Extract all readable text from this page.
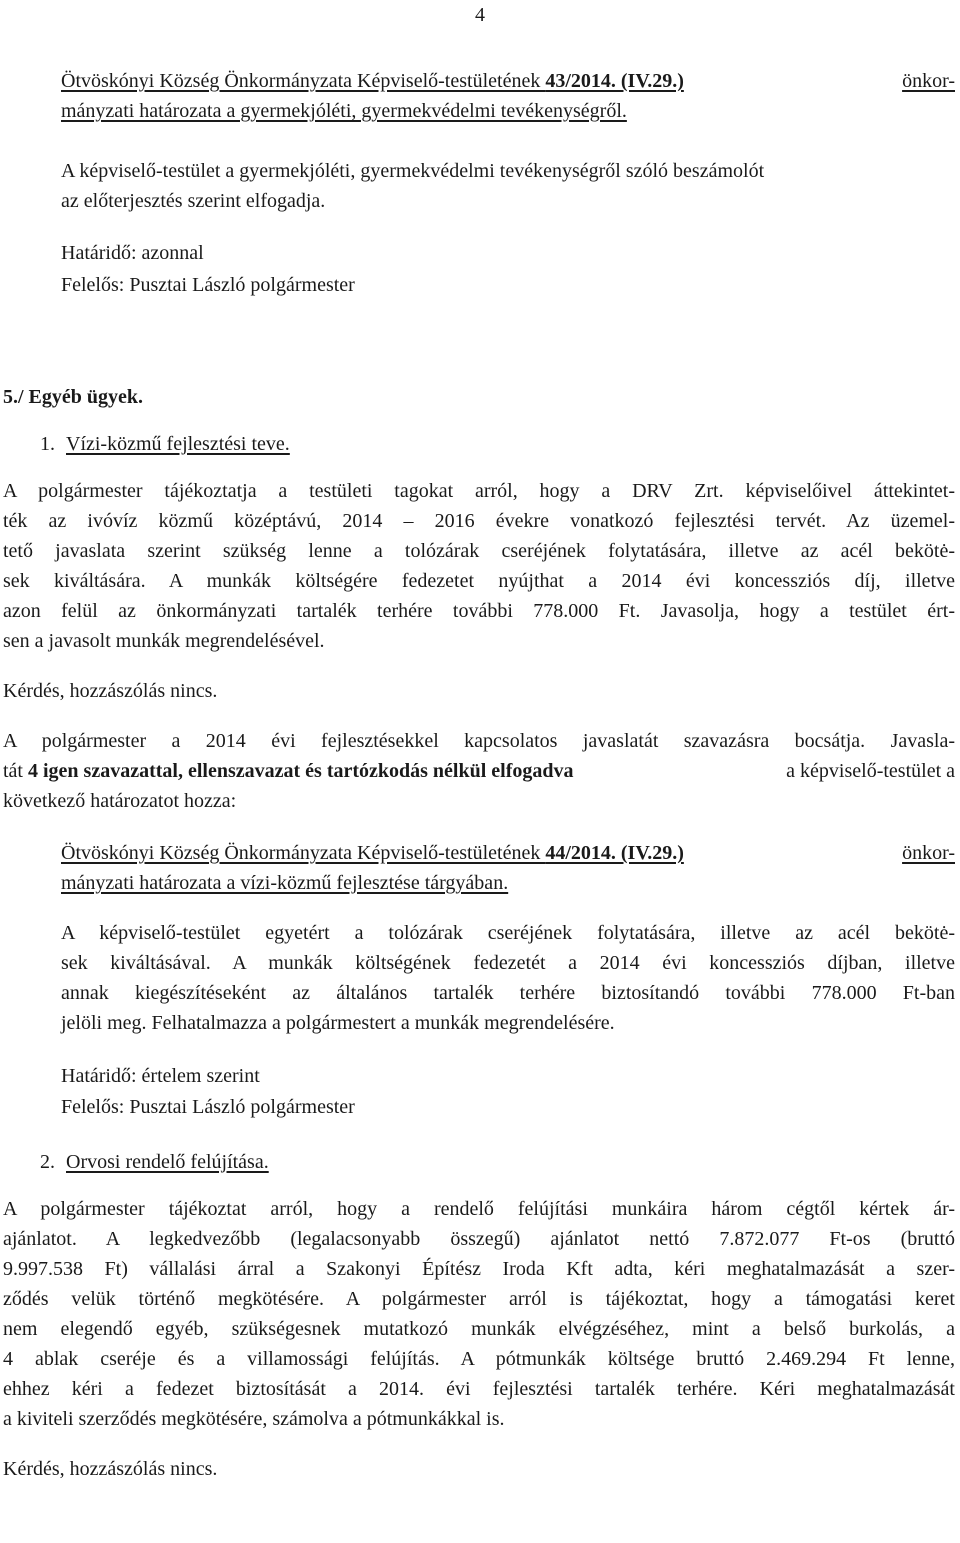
4
Ötvöskónyi Község Önkormányzata Képviselő-testületének 43/2014. (IV.29.)	önkor-
mányzati határozata a gyermekjóléti, gyermekvédelmi tevékenységről.
A képviselő-testület a gyermekjóléti, gyermekvédelmi tevékenységről szóló beszámolót
az előterjesztés szerint elfogadja.
Határidő: azonnal
Felelős: Pusztai László polgármester
5./ Egyéb ügyek.
1. Vízi-közmű fejlesztési teve.
A polgármester tájékoztatja a testületi tagokat arról, hogy a DRV Zrt. képviselőivel áttekintet-
ték az ivóvíz közmű középtávú, 2014 – 2016 évekre vonatkozó fejlesztési tervét. Az üzemel-
tető javaslata szerint szükség lenne a tolózárak cseréjének folytatására, illetve az acél bekötė-
sek kiváltására. A munkák költségére fedezetet nyújthat a 2014 évi koncessziós díj, illetve
azon felül az önkormányzati tartalék terhére további 778.000 Ft. Javasolja, hogy a testület ért-
sen a javasolt munkák megrendelésével.
Kérdés, hozzászólás nincs.
A polgármester a 2014 évi fejlesztésekkel kapcsolatos javaslatát szavazásra bocsátja. Javasla-
tát 4 igen szavazattal, ellenszavazat és tartózkodás nélkül elfogadva	a képviselő-testület a
következő határozatot hozza:
Ötvöskónyi Község Önkormányzata Képviselő-testületének 44/2014. (IV.29.)	önkor-
mányzati határozata a vízi-közmű fejlesztése tárgyában.
A képviselő-testület egyetért a tolózárak cseréjének folytatására, illetve az acél bekötė-
sek kiváltásával. A munkák költségének fedezetét a 2014 évi koncessziós díjban, illetve
annak kiegészítéseként az általános tartalék terhére biztosítandó további 778.000 Ft-ban
jelöli meg. Felhatalmazza a polgármestert a munkák megrendelésére.
Határidő: értelem szerint
Felelős: Pusztai László polgármester
2. Orvosi rendelő felújítása.
A polgármester tájékoztat arról, hogy a rendelő felújítási munkáira három cégtől kértek ár-
ajánlatot. A legkedvezőbb (legalacsonyabb összegű) ajánlatot nettó 7.872.077 Ft-os (bruttó
9.997.538 Ft) vállalási árral a Szakonyi Építész Iroda Kft adta, kéri meghatalmazását a szer-
ződés velük történő megkötésére. A polgármester arról is tájékoztat, hogy a támogatási keret
nem elegendő egyéb, szükségesnek mutatkozó munkák elvégzéséhez, mint a belső burkolás, a
4 ablak cseréje és a villamossági felújítás. A pótmunkák költsége bruttó 2.469.294 Ft lenne,
ehhez kéri a fedezet biztosítását a 2014. évi fejlesztési tartalék terhére. Kéri meghatalmazását
a kiviteli szerződés megkötésére, számolva a pótmunkákkal is.
Kérdés, hozzászólás nincs.
